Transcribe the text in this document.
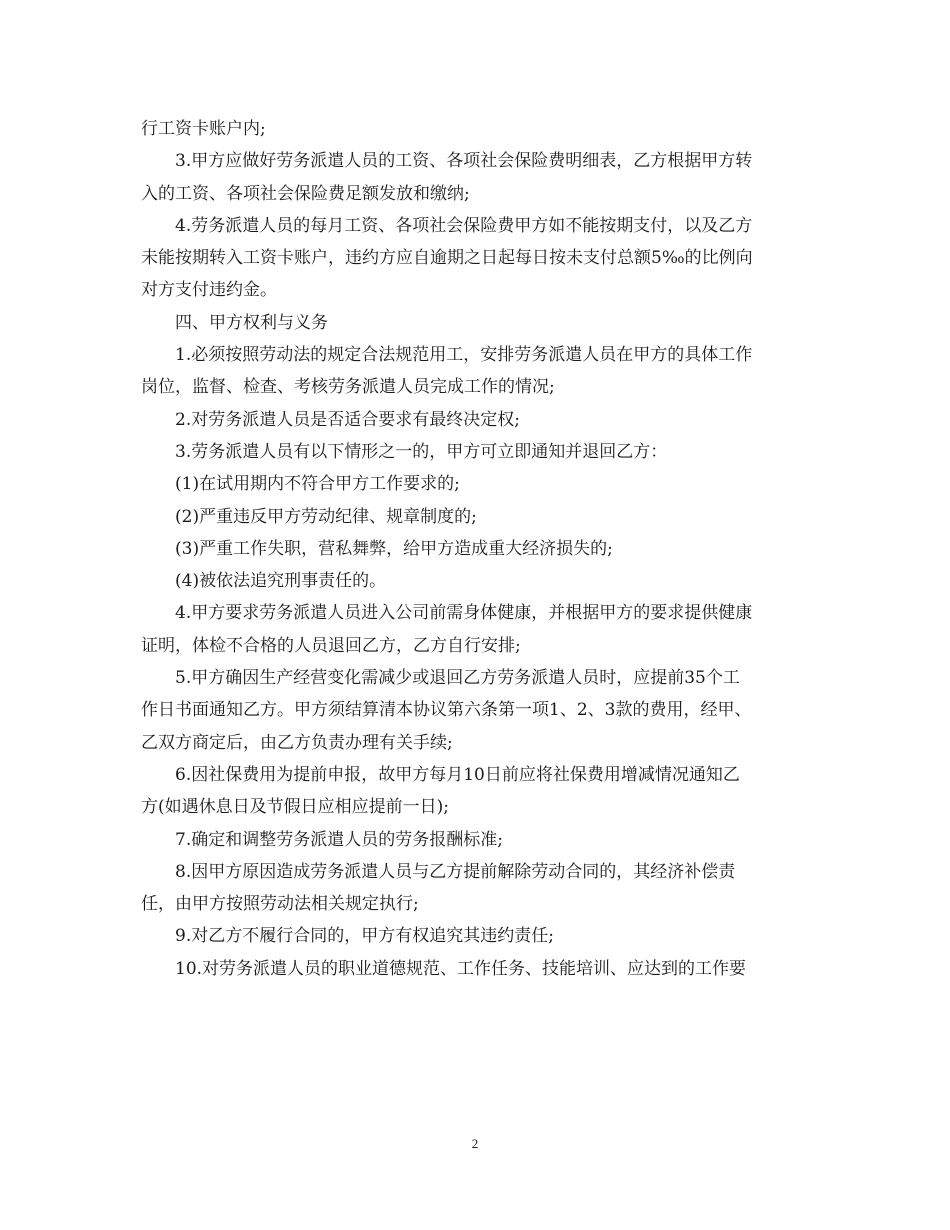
行工资卡账户内;
3.甲方应做好劳务派遣人员的工资、各项社会保险费明细表，乙方根据甲方转
入的工资、各项社会保险费足额发放和缴纳;
4.劳务派遣人员的每月工资、各项社会保险费甲方如不能按期支付，以及乙方
未能按期转入工资卡账户，违约方应自逾期之日起每日按未支付总额5‰的比例向
对方支付违约金。
四、甲方权利与义务
1.必须按照劳动法的规定合法规范用工，安排劳务派遣人员在甲方的具体工作
岗位，监督、检查、考核劳务派遣人员完成工作的情况;
2.对劳务派遣人员是否适合要求有最终决定权;
3.劳务派遣人员有以下情形之一的，甲方可立即通知并退回乙方：
(1)在试用期内不符合甲方工作要求的;
(2)严重违反甲方劳动纪律、规章制度的;
(3)严重工作失职，营私舞弊，给甲方造成重大经济损失的;
(4)被依法追究刑事责任的。
4.甲方要求劳务派遣人员进入公司前需身体健康，并根据甲方的要求提供健康
证明，体检不合格的人员退回乙方，乙方自行安排;
5.甲方确因生产经营变化需减少或退回乙方劳务派遣人员时，应提前35个工
作日书面通知乙方。甲方须结算清本协议第六条第一项1、2、3款的费用，经甲、
乙双方商定后，由乙方负责办理有关手续;
6.因社保费用为提前申报，故甲方每月10日前应将社保费用增减情况通知乙
方(如遇休息日及节假日应相应提前一日);
7.确定和调整劳务派遣人员的劳务报酬标准;
8.因甲方原因造成劳务派遣人员与乙方提前解除劳动合同的，其经济补偿责
任，由甲方按照劳动法相关规定执行;
9.对乙方不履行合同的，甲方有权追究其违约责任;
10.对劳务派遣人员的职业道德规范、工作任务、技能培训、应达到的工作要
2
